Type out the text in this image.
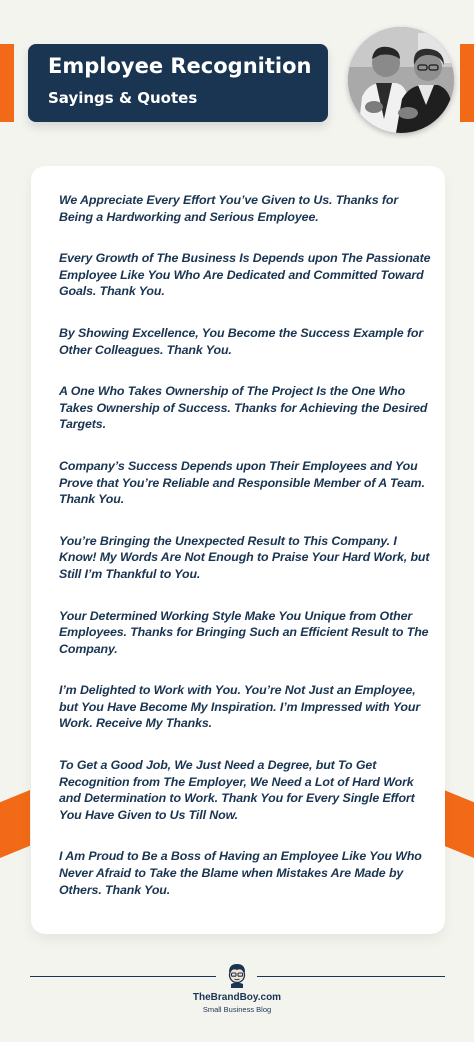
Employee Recognition
Sayings & Quotes
We Appreciate Every Effort You’ve Given to Us. Thanks for Being a Hardworking and Serious Employee.
Every Growth of The Business Is Depends upon The Passionate Employee Like You Who Are Dedicated and Committed Toward Goals. Thank You.
By Showing Excellence, You Become the Success Example for Other Colleagues. Thank You.
A One Who Takes Ownership of The Project Is the One Who Takes Ownership of Success. Thanks for Achieving the Desired Targets.
Company’s Success Depends upon Their Employees and You Prove that You’re Reliable and Responsible Member of A Team. Thank You.
You’re Bringing the Unexpected Result to This Company. I Know! My Words Are Not Enough to Praise Your Hard Work, but Still I’m Thankful to You.
Your Determined Working Style Make You Unique from Other Employees. Thanks for Bringing Such an Efficient Result to The Company.
I’m Delighted to Work with You. You’re Not Just an Employee, but You Have Become My Inspiration. I’m Impressed with Your Work. Receive My Thanks.
To Get a Good Job, We Just Need a Degree, but To Get Recognition from The Employer, We Need a Lot of Hard Work and Determination to Work. Thank You for Every Single Effort You Have Given to Us Till Now.
I Am Proud to Be a Boss of Having an Employee Like You Who Never Afraid to Take the Blame when Mistakes Are Made by Others. Thank You.
TheBrandBoy.com
Small Business Blog
